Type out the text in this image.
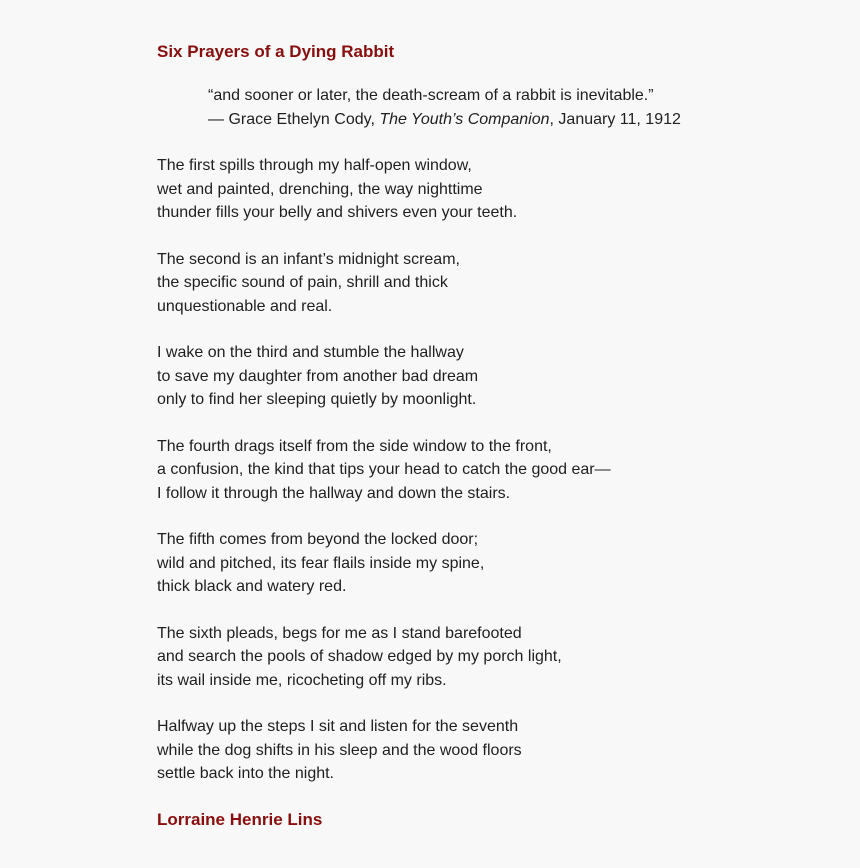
Six Prayers of a Dying Rabbit
“and sooner or later, the death-scream of a rabbit is inevitable.”
— Grace Ethelyn Cody, The Youth’s Companion, January 11, 1912

The first spills through my half-open window,
wet and painted, drenching, the way nighttime
thunder fills your belly and shivers even your teeth.

The second is an infant’s midnight scream,
the specific sound of pain, shrill and thick
unquestionable and real.

I wake on the third and stumble the hallway
to save my daughter from another bad dream
only to find her sleeping quietly by moonlight.

The fourth drags itself from the side window to the front,
a confusion, the kind that tips your head to catch the good ear—
I follow it through the hallway and down the stairs.

The fifth comes from beyond the locked door;
wild and pitched, its fear flails inside my spine,
thick black and watery red.

The sixth pleads, begs for me as I stand barefooted
and search the pools of shadow edged by my porch light,
its wail inside me, ricocheting off my ribs.

Halfway up the steps I sit and listen for the seventh
while the dog shifts in his sleep and the wood floors
settle back into the night.

Lorraine Henrie Lins
